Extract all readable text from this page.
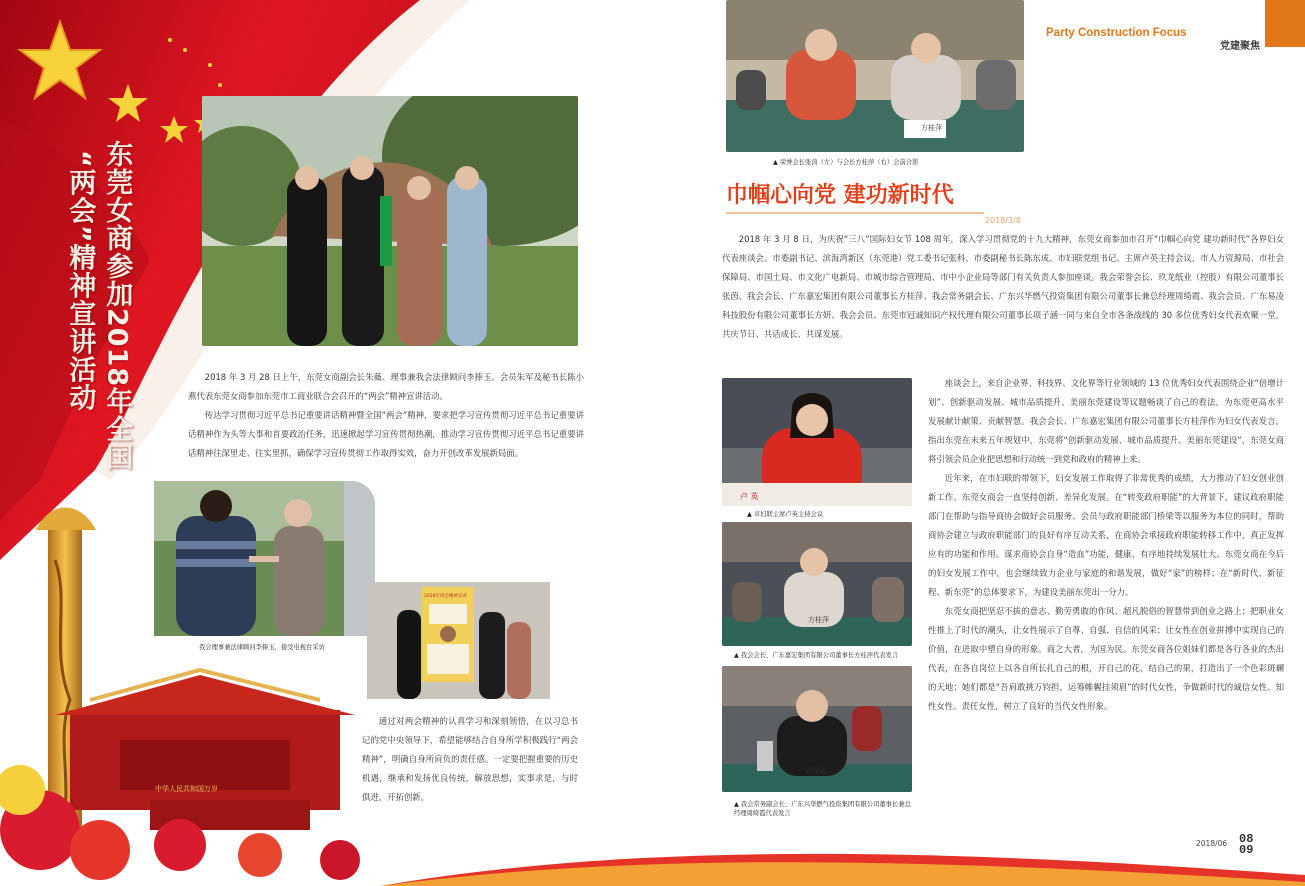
东莞女商参加2018年全国
“两会”精神宣讲活动	2018 年 3 月 28 日上午，东莞女商副会长朱薇、理事兼我会法律顾问李捧玉、会员朱军及秘书长陈小燕代表东莞女商参加东莞市工商业联合会召开的“两会”精神宣讲活动。

传达学习贯彻习近平总书记重要讲话精神暨全国“两会”精神，要求把学习宣传贯彻习近平总书记重要讲话精神作为头等大事和首要政治任务，迅速掀起学习宣传贯彻热潮，推动学习宣传贯彻习近平总书记重要讲话精神往深里走、往实里抓，确保学习宣传贯彻工作取得实效，奋力开创改革发展新局面。

我会理事兼法律顾问李捧玉，接受电视台采访
2018年两会精神宣讲

通过对两会精神的认真学习和深刻领悟，在以习总书记的党中央领导下，希望能够结合自身所学积极践行“两会精神”，明确自身所肩负的责任感。一定要把握重要的历史机遇，继承和发扬优良传统，解放思想，实事求是，与时俱进，开拓创新。

中华人民共和国万岁
Party Construction Focus
党建聚焦
方桂萍
▲ 荣誉会长张茵（左）与会长方桂萍（右）会前合影
巾帼心向党 建功新时代
2018/3/8

2018 年 3 月 8 日，为庆祝“三八”国际妇女节 108 周年，深入学习贯彻党的十九大精神，东莞女商参加市召开“巾帼心向党 建功新时代”各界妇女代表座谈会。市委副书记、滨海湾新区（东莞港）党工委书记张科、市委副秘书长陈东成、市妇联党组书记、主席卢英主持会议，市人力资源局、市社会保障局、市国土局、市文化广电新局、市城市综合管理局、市中小企业局等部门有关负责人参加座谈。我会荣誉会长、玖龙纸业（控股）有限公司董事长张茵、我会会长、广东嘉宏集团有限公司董事长方桂萍、我会常务副会长、广东兴华燃气投资集团有限公司董事长兼总经理周绮霞、我会会员、广东易凌科技股份有限公司董事长方妍、我会会员、东莞市冠诚知识产权代理有限公司董事长项子涵一同与来自全市各条战线的 30 多位优秀妇女代表欢聚一堂，共庆节日、共话成长、共谋发展。

卢 英
▲ 市妇联主席卢英主持会议
方桂萍
▲ 我会会长、广东嘉宏集团有限公司董事长方桂萍代表发言
周绮霞
▲ 我会常务副会长、广东兴华燃气投资集团有限公司董事长兼总经理周绮霞代表发言

座谈会上，来自企业界、科技界、文化界等行业领域的 13 位优秀妇女代表围绕企业“倍增计划”、创新驱动发展、城市品质提升、美丽东莞建设等议题畅谈了自己的看法，为东莞更高水平发展献计献策、贡献智慧。我会会长、广东嘉宏集团有限公司董事长方桂萍作为妇女代表发言，指出东莞在未来五年规划中，东莞将“创新驱动发展、城市品质提升、美丽东莞建设”，东莞女商将引领会员企业把思想和行动统一到党和政府的精神上来。

近年来，在市妇联的带领下，妇女发展工作取得了非常优秀的成绩，大力推动了妇女创业创新工作。东莞女商会一直坚持创新、差异化发展。在“转变政府职能”的大背景下，建议政府职能部门在帮助与指导商协会做好会员服务、会员与政府职能部门桥梁等以服务为本位的同时，帮助商协会建立与政府职能部门的良好有序互动关系，在商协会承接政府职能转移工作中，真正发挥应有的功能和作用。谋求商协会自身“造血”功能，健康、有序地持续发展壮大。东莞女商在今后的妇女发展工作中，也会继续致力企业与家庭的和谐发展，做好“家”的榜样；在“新时代、新征程、新东莞”的总体要求下，为建设美丽东莞出一分力。

东莞女商把坚忍不拔的意志、勤劳勇敢的作风、超凡脱俗的智慧带到创业之路上；把职业女性推上了时代的潮头，让女性展示了自尊、自强、自信的风采；让女性在创业拼搏中实现自己的价值，在进取中塑自身的形象。商之大者，为国为民。东莞女商各位姐妹们都是各行各业的杰出代表，在各自岗位上以各自所长扎自己的根，开自己的花，结自己的果，打造出了一个色彩斑斓的天地；她们都是“吾肩敢挑万钧担，运筹帷幄挂须眉”的时代女性，争做新时代的诚信女性、知性女性、责任女性，树立了良好的当代女性形象。

2018/06 08
09
